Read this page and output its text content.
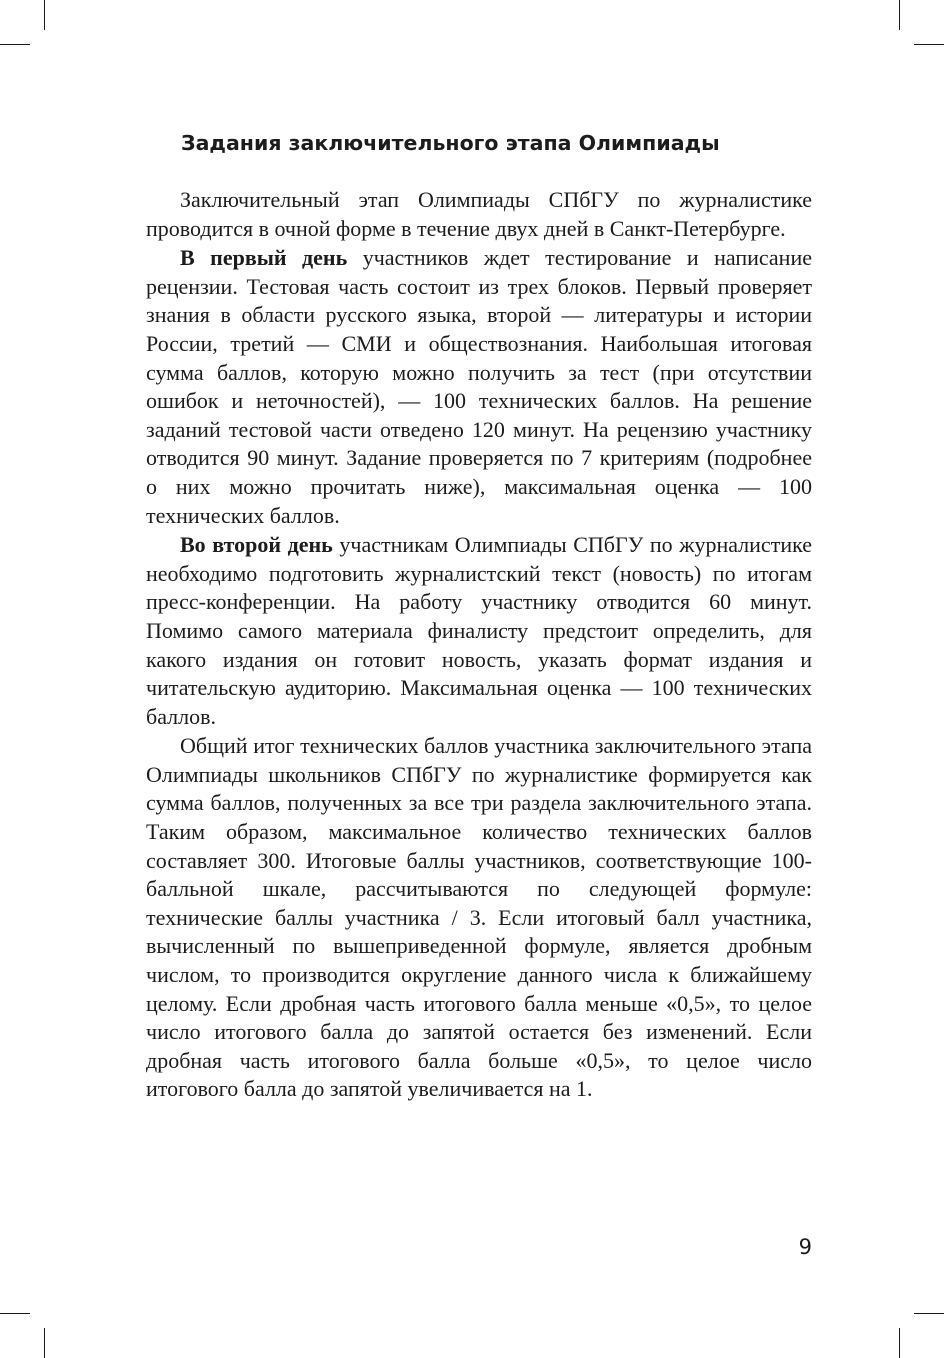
Задания заключительного этапа Олимпиады

Заключительный этап Олимпиады СПбГУ по журналистике проводится в очной форме в течение двух дней в Санкт-Петербурге.

В первый день участников ждет тестирование и написание рецензии. Тестовая часть состоит из трех блоков. Первый проверяет знания в области русского языка, второй — литературы и истории России, третий — СМИ и обществознания. Наибольшая итоговая сумма баллов, которую можно получить за тест (при отсутствии ошибок и неточностей), — 100 технических баллов. На решение заданий тестовой части отведено 120 минут. На рецензию участнику отводится 90 минут. Задание проверяется по 7 критериям (подробнее о них можно прочитать ниже), максимальная оценка — 100 технических баллов.

Во второй день участникам Олимпиады СПбГУ по журналистике необходимо подготовить журналистский текст (новость) по итогам пресс-конференции. На работу участнику отводится 60 минут. Помимо самого материала финалисту предстоит определить, для какого издания он готовит новость, указать формат издания и читательскую аудиторию. Максимальная оценка — 100 технических баллов.

Общий итог технических баллов участника заключительного этапа Олимпиады школьников СПбГУ по журналистике формируется как сумма баллов, полученных за все три раздела заключительного этапа. Таким образом, максимальное количество технических баллов составляет 300. Итоговые баллы участников, соответствующие 100-балльной шкале, рассчитываются по следующей формуле: технические баллы участника / 3. Если итоговый балл участника, вычисленный по вышеприведенной формуле, является дробным числом, то производится округление данного числа к ближайшему целому. Если дробная часть итогового балла меньше «0,5», то целое число итогового балла до запятой остается без изменений. Если дробная часть итогового балла больше «0,5», то целое число итогового балла до запятой увеличивается на 1.

9
